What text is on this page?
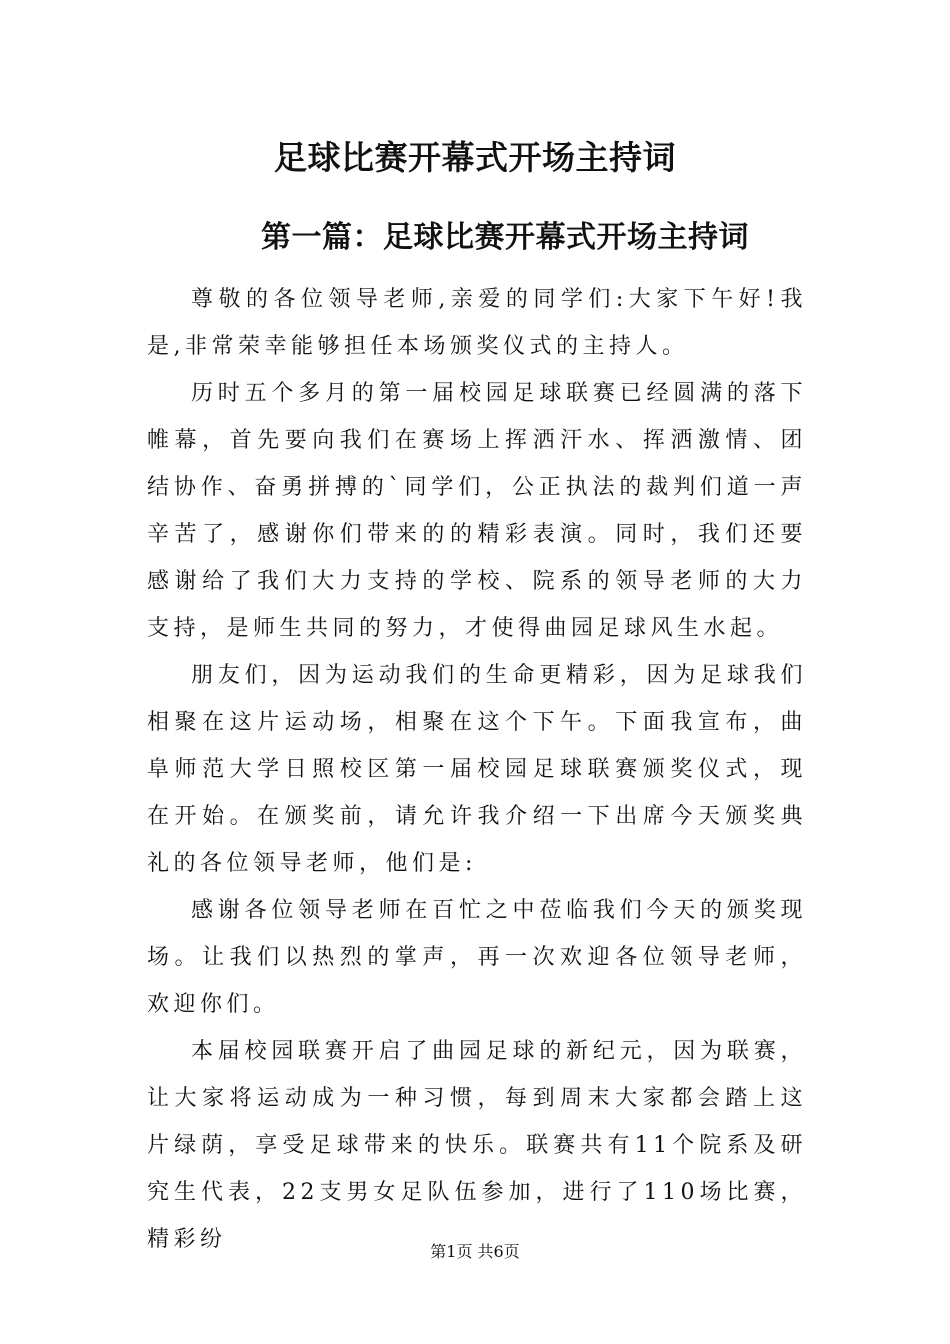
足球比赛开幕式开场主持词
第一篇：足球比赛开幕式开场主持词

尊敬的各位领导老师,亲爱的同学们:大家下午好!我是,非常荣幸能够担任本场颁奖仪式的主持人。

历时五个多月的第一届校园足球联赛已经圆满的落下帷幕，首先要向我们在赛场上挥洒汗水、挥洒激情、团结协作、奋勇拼搏的`同学们，公正执法的裁判们道一声辛苦了，感谢你们带来的的精彩表演。同时，我们还要感谢给了我们大力支持的学校、院系的领导老师的大力支持，是师生共同的努力，才使得曲园足球风生水起。

朋友们，因为运动我们的生命更精彩，因为足球我们相聚在这片运动场，相聚在这个下午。下面我宣布，曲阜师范大学日照校区第一届校园足球联赛颁奖仪式，现在开始。在颁奖前，请允许我介绍一下出席今天颁奖典礼的各位领导老师，他们是:

感谢各位领导老师在百忙之中莅临我们今天的颁奖现场。让我们以热烈的掌声，再一次欢迎各位领导老师，欢迎你们。

本届校园联赛开启了曲园足球的新纪元，因为联赛，让大家将运动成为一种习惯，每到周末大家都会踏上这片绿荫，享受足球带来的快乐。联赛共有11个院系及研究生代表，22支男女足队伍参加，进行了110场比赛，精彩纷	第1页 共6页
